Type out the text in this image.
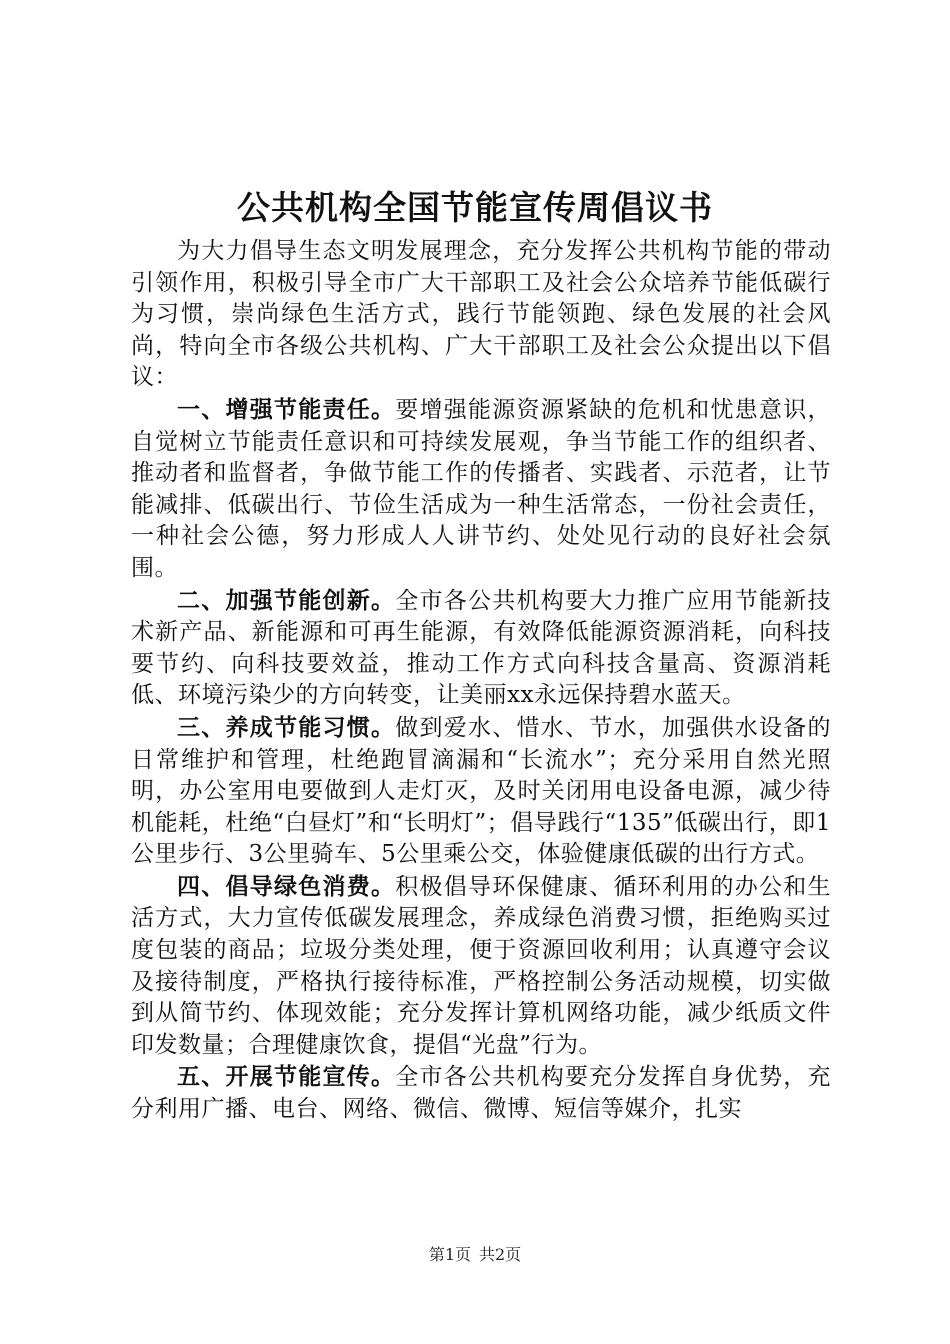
公共机构全国节能宣传周倡议书

为大力倡导生态文明发展理念，充分发挥公共机构节能的带动引领作用，积极引导全市广大干部职工及社会公众培养节能低碳行为习惯，崇尚绿色生活方式，践行节能领跑、绿色发展的社会风尚，特向全市各级公共机构、广大干部职工及社会公众提出以下倡议：

一、增强节能责任。要增强能源资源紧缺的危机和忧患意识，自觉树立节能责任意识和可持续发展观，争当节能工作的组织者、推动者和监督者，争做节能工作的传播者、实践者、示范者，让节能减排、低碳出行、节俭生活成为一种生活常态，一份社会责任，一种社会公德，努力形成人人讲节约、处处见行动的良好社会氛围。

二、加强节能创新。全市各公共机构要大力推广应用节能新技术新产品、新能源和可再生能源，有效降低能源资源消耗，向科技要节约、向科技要效益，推动工作方式向科技含量高、资源消耗低、环境污染少的方向转变，让美丽xx永远保持碧水蓝天。

三、养成节能习惯。做到爱水、惜水、节水，加强供水设备的日常维护和管理，杜绝跑冒滴漏和“长流水”；充分采用自然光照明，办公室用电要做到人走灯灭，及时关闭用电设备电源，减少待机能耗，杜绝“白昼灯”和“长明灯”；倡导践行“135”低碳出行，即1公里步行、3公里骑车、5公里乘公交，体验健康低碳的出行方式。

四、倡导绿色消费。积极倡导环保健康、循环利用的办公和生活方式，大力宣传低碳发展理念，养成绿色消费习惯，拒绝购买过度包装的商品；垃圾分类处理，便于资源回收利用；认真遵守会议及接待制度，严格执行接待标准，严格控制公务活动规模，切实做到从简节约、体现效能；充分发挥计算机网络功能，减少纸质文件印发数量；合理健康饮食，提倡“光盘”行为。

五、开展节能宣传。全市各公共机构要充分发挥自身优势，充分利用广播、电台、网络、微信、微博、短信等媒介，扎实

第1页 共2页
